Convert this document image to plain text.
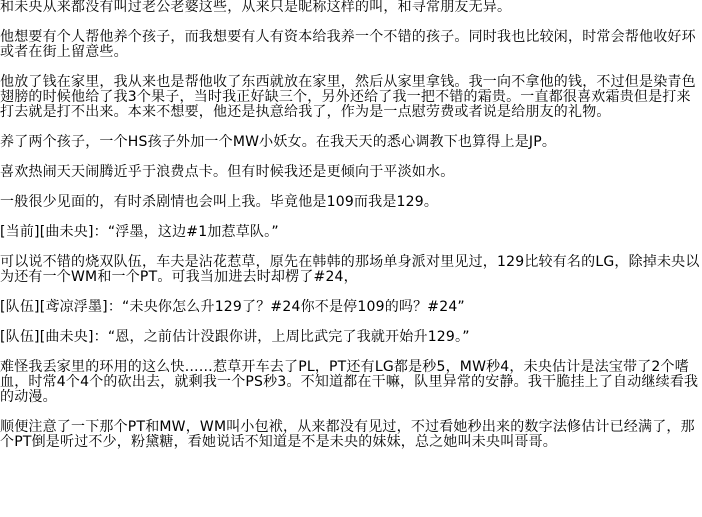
和未央从来都没有叫过老公老婆这些，从来只是昵称这样的叫，和寻常朋友无异。

他想要有个人帮他养个孩子，而我想要有人有资本给我养一个不错的孩子。同时我也比较闲，时常会帮他收好环或者在街上留意些。

他放了钱在家里，我从来也是帮他收了东西就放在家里，然后从家里拿钱。我一向不拿他的钱，不过但是染青色翅膀的时候他给了我3个果子，当时我正好缺三个，另外还给了我一把不错的霜贵。一直都很喜欢霜贵但是打来打去就是打不出来。本来不想要，他还是执意给我了，作为是一点慰劳费或者说是给朋友的礼物。

养了两个孩子，一个HS孩子外加一个MW小妖女。在我天天的悉心调教下也算得上是JP。

喜欢热闹天天闹腾近乎于浪费点卡。但有时候我还是更倾向于平淡如水。

一般很少见面的，有时杀剧情也会叫上我。毕竟他是109而我是129。

[当前][曲未央]：“浮墨，这边#1加惹草队。”

可以说不错的烧双队伍，车夫是沾花惹草，原先在韩韩的那场单身派对里见过，129比较有名的LG，除掉未央以为还有一个WM和一个PT。可我当加进去时却楞了#24，

[队伍][鸢凉浮墨]：“未央你怎么升129了？#24你不是停109的吗？#24”

[队伍][曲未央]：“恩，之前估计没跟你讲，上周比武完了我就开始升129。”

难怪我丢家里的环用的这么快……惹草开车去了PL，PT还有LG都是秒5，MW秒4，未央估计是法宝带了2个嗜血，时常4个4个的砍出去，就剩我一个PS秒3。不知道都在干嘛，队里异常的安静。我干脆挂上了自动继续看我的动漫。

顺便注意了一下那个PT和MW，WM叫小包袱，从来都没有见过，不过看她秒出来的数字法修估计已经满了，那个PT倒是听过不少，粉黛糖，看她说话不知道是不是未央的妹妹，总之她叫未央叫哥哥。
